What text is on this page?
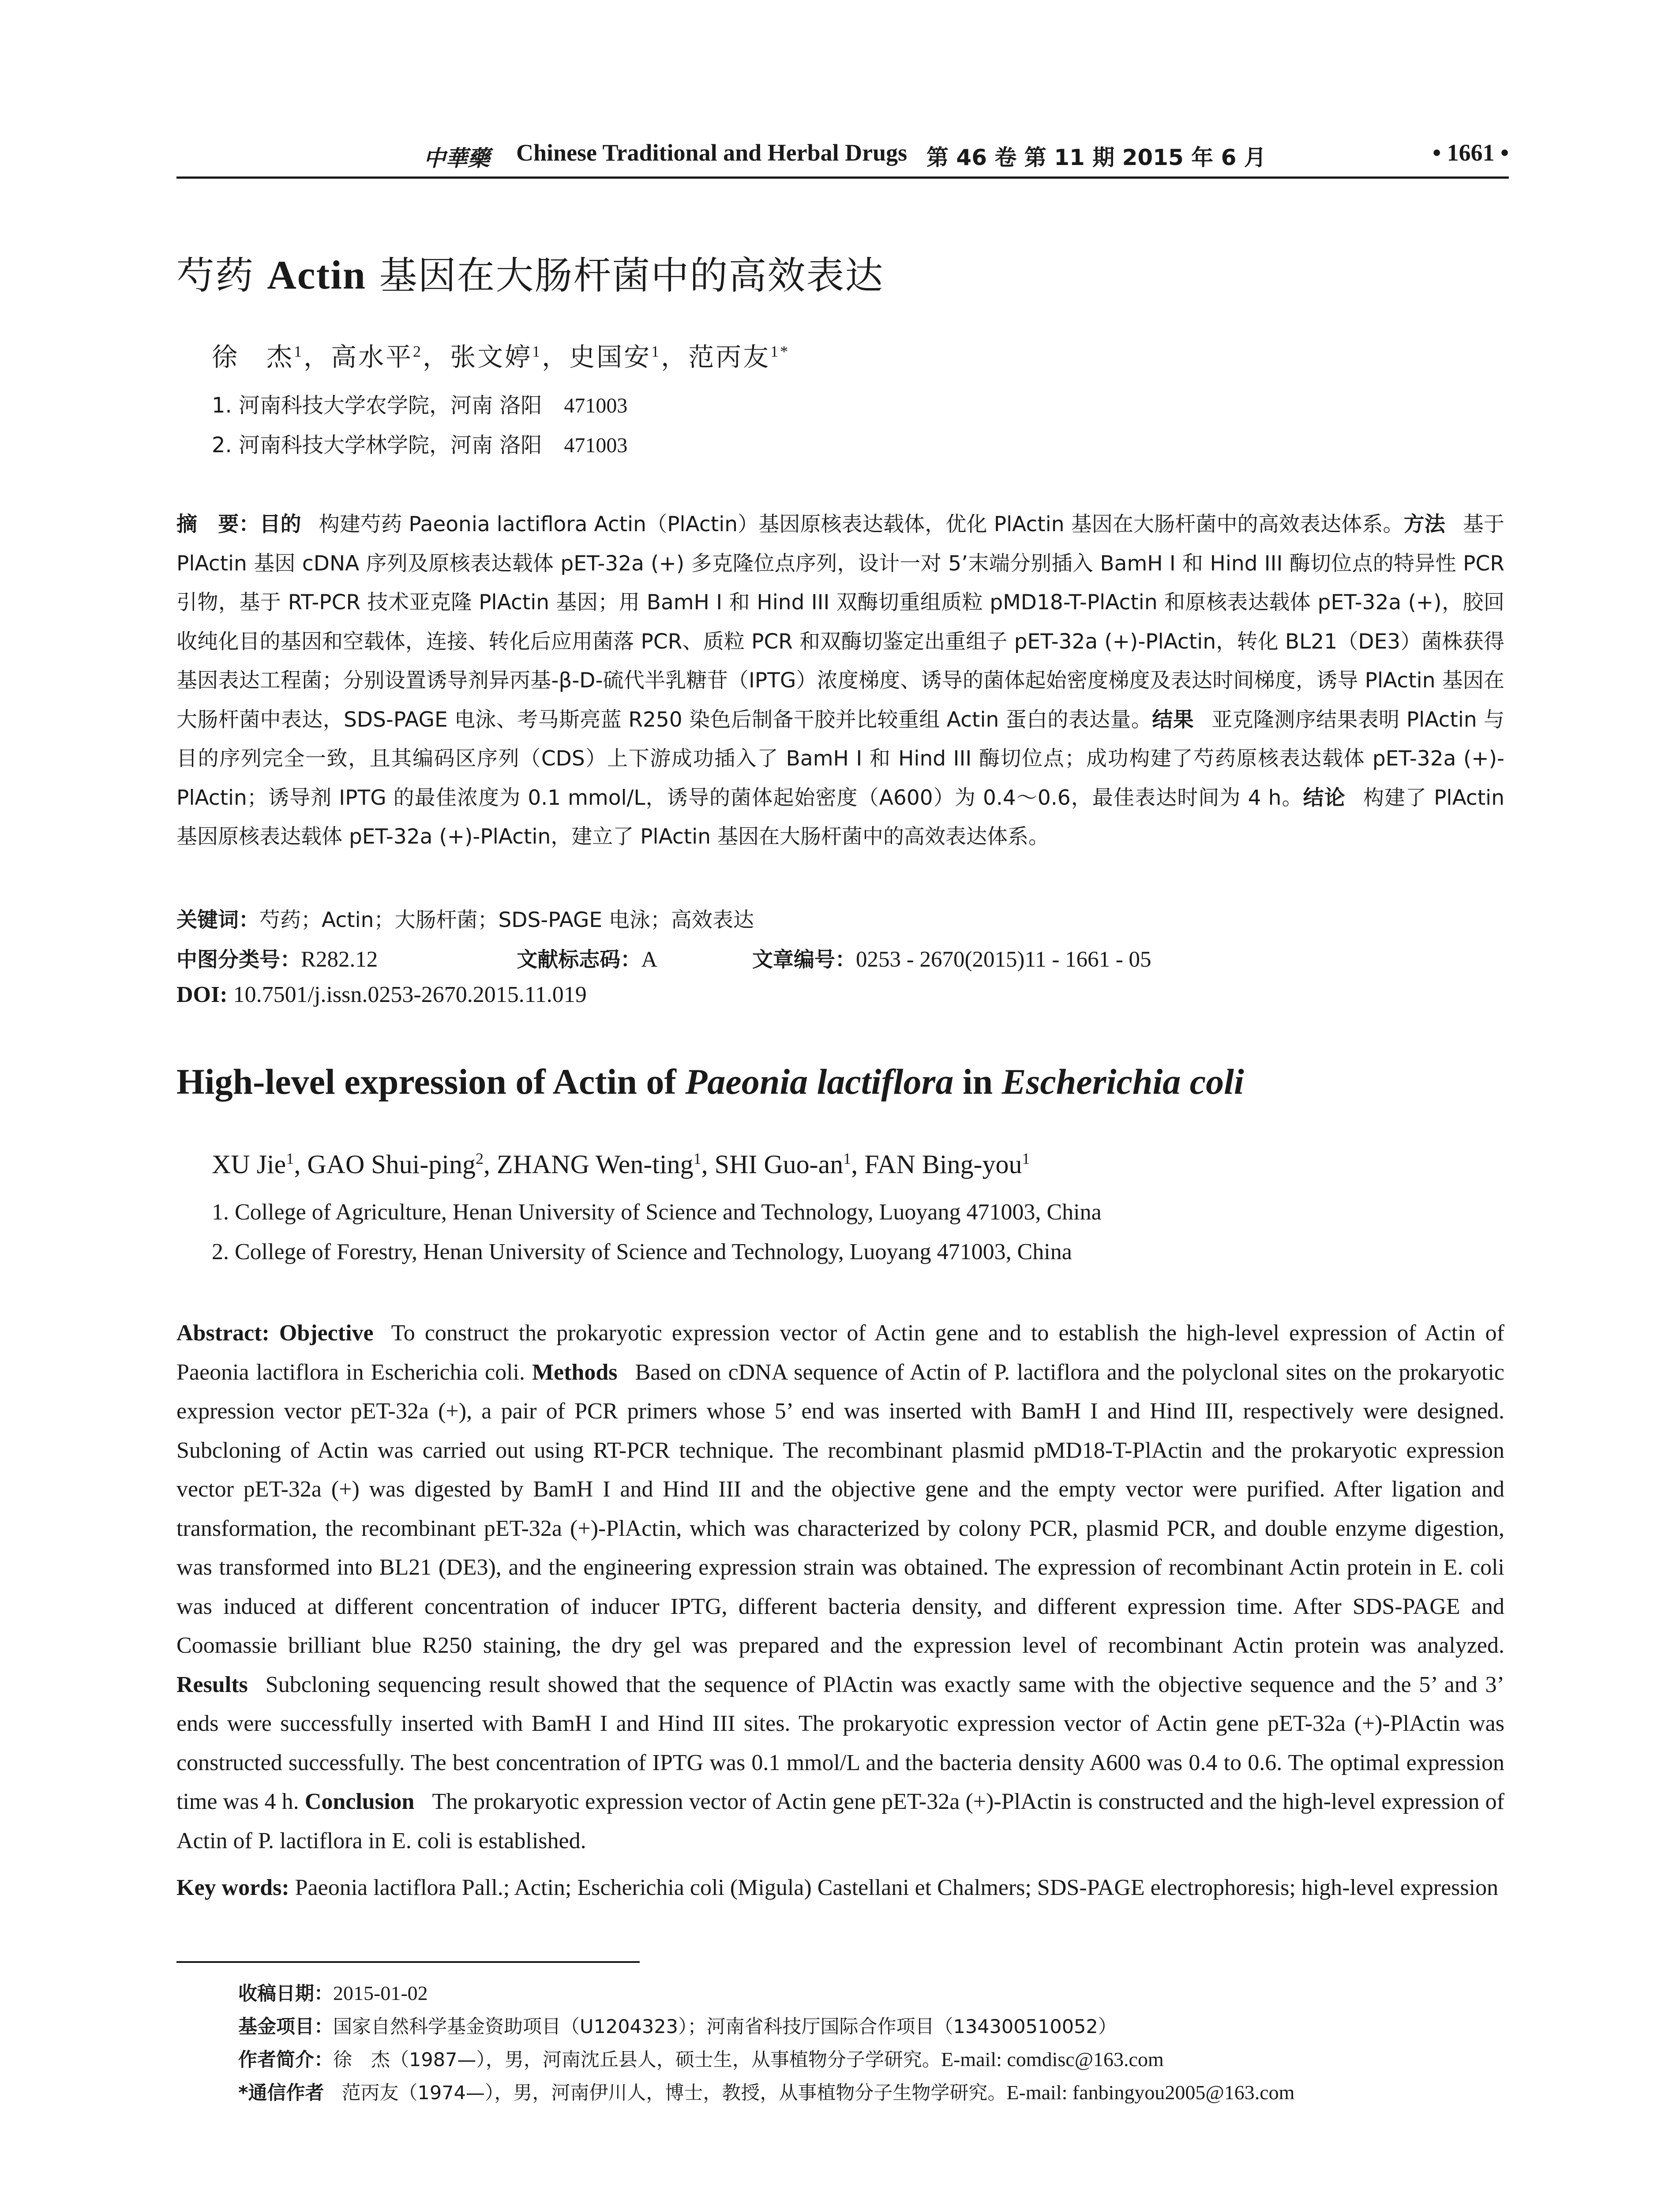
中華藥 Chinese Traditional and Herbal Drugs 第 46 卷 第 11 期 2015 年 6 月	• 1661 •
芍药 Actin 基因在大肠杆菌中的高效表达
徐　杰$^1$，高水平$^2$，张文婷$^1$，史国安$^1$，范丙友$^{1*}$
1. 河南科技大学农学院，河南 洛阳 471003
2. 河南科技大学林学院，河南 洛阳 471003
摘　要：目的 构建芍药 Paeonia lactiflora Actin（PlActin）基因原核表达载体，优化 PlActin 基因在大肠杆菌中的高效表达体系。方法 基于 PlActin 基因 cDNA 序列及原核表达载体 pET-32a (+) 多克隆位点序列，设计一对 5’末端分别插入 BamH I 和 Hind III 酶切位点的特异性 PCR 引物，基于 RT-PCR 技术亚克隆 PlActin 基因；用 BamH I 和 Hind III 双酶切重组质粒 pMD18-T-PlActin 和原核表达载体 pET-32a (+)，胶回收纯化目的基因和空载体，连接、转化后应用菌落 PCR、质粒 PCR 和双酶切鉴定出重组子 pET-32a (+)-PlActin，转化 BL21（DE3）菌株获得基因表达工程菌；分别设置诱导剂异丙基-β-D-硫代半乳糖苷（IPTG）浓度梯度、诱导的菌体起始密度梯度及表达时间梯度，诱导 PlActin 基因在大肠杆菌中表达，SDS-PAGE 电泳、考马斯亮蓝 R250 染色后制备干胶并比较重组 Actin 蛋白的表达量。结果 亚克隆测序结果表明 PlActin 与目的序列完全一致，且其编码区序列（CDS）上下游成功插入了 BamH I 和 Hind III 酶切位点；成功构建了芍药原核表达载体 pET-32a (+)-PlActin；诱导剂 IPTG 的最佳浓度为 0.1 mmol/L，诱导的菌体起始密度（A600）为 0.4～0.6，最佳表达时间为 4 h。结论 构建了 PlActin 基因原核表达载体 pET-32a (+)-PlActin，建立了 PlActin 基因在大肠杆菌中的高效表达体系。
关键词：芍药；Actin；大肠杆菌；SDS-PAGE 电泳；高效表达
中图分类号：R282.12	文献标志码：A	文章编号：0253 - 2670(2015)11 - 1661 - 05
DOI: 10.7501/j.issn.0253-2670.2015.11.019
High-level expression of Actin of Paeonia lactiflora in Escherichia coli
XU Jie$^1$, GAO Shui-ping$^2$, ZHANG Wen-ting$^1$, SHI Guo-$an^1$, FAN Bing-you$^1$
1. College of Agriculture, Henan University of Science and Technology, Luoyang 471003, China
2. College of Forestry, Henan University of Science and Technology, Luoyang 471003, China
Abstract: Objective To construct the prokaryotic expression vector of Actin gene and to establish the high-level expression of Actin of Paeonia lactiflora in Escherichia coli. Methods Based on cDNA sequence of Actin of P. lactiflora and the polyclonal sites on the prokaryotic expression vector pET-32a (+), a pair of PCR primers whose 5’ end was inserted with BamH I and Hind III, respectively were designed. Subcloning of Actin was carried out using RT-PCR technique. The recombinant plasmid pMD18-T-PlActin and the prokaryotic expression vector pET-32a (+) was digested by BamH I and Hind III and the objective gene and the empty vector were purified. After ligation and transformation, the recombinant pET-32a (+)-PlActin, which was characterized by colony PCR, plasmid PCR, and double enzyme digestion, was transformed into BL21 (DE3), and the engineering expression strain was obtained. The expression of recombinant Actin protein in E. coli was induced at different concentration of inducer IPTG, different bacteria density, and different expression time. After SDS-PAGE and Coomassie brilliant blue R250 staining, the dry gel was prepared and the expression level of recombinant Actin protein was analyzed. Results Subcloning sequencing result showed that the sequence of PlActin was exactly same with the objective sequence and the 5’ and 3’ ends were successfully inserted with BamH I and Hind III sites. The prokaryotic expression vector of Actin gene pET-32a (+)-PlActin was constructed successfully. The best concentration of IPTG was 0.1 mmol/L and the bacteria density A600 was 0.4 to 0.6. The optimal expression time was 4 h. Conclusion The prokaryotic expression vector of Actin gene pET-32a (+)-PlActin is constructed and the high-level expression of Actin of P. lactiflora in E. coli is established.
Key words: Paeonia lactiflora Pall.; Actin; Escherichia coli (Migula) Castellani et Chalmers; SDS-PAGE electrophoresis; high-level expression
收稿日期：2015-01-02
基金项目：国家自然科学基金资助项目（U1204323）；河南省科技厅国际合作项目（134300510052）
作者简介：徐　杰（1987—），男，河南沈丘县人，硕士生，从事植物分子学研究。E-mail: comdisc@163.com
*通信作者 范丙友（1974—），男，河南伊川人，博士，教授，从事植物分子生物学研究。E-mail: fanbingyou2005@163.com
